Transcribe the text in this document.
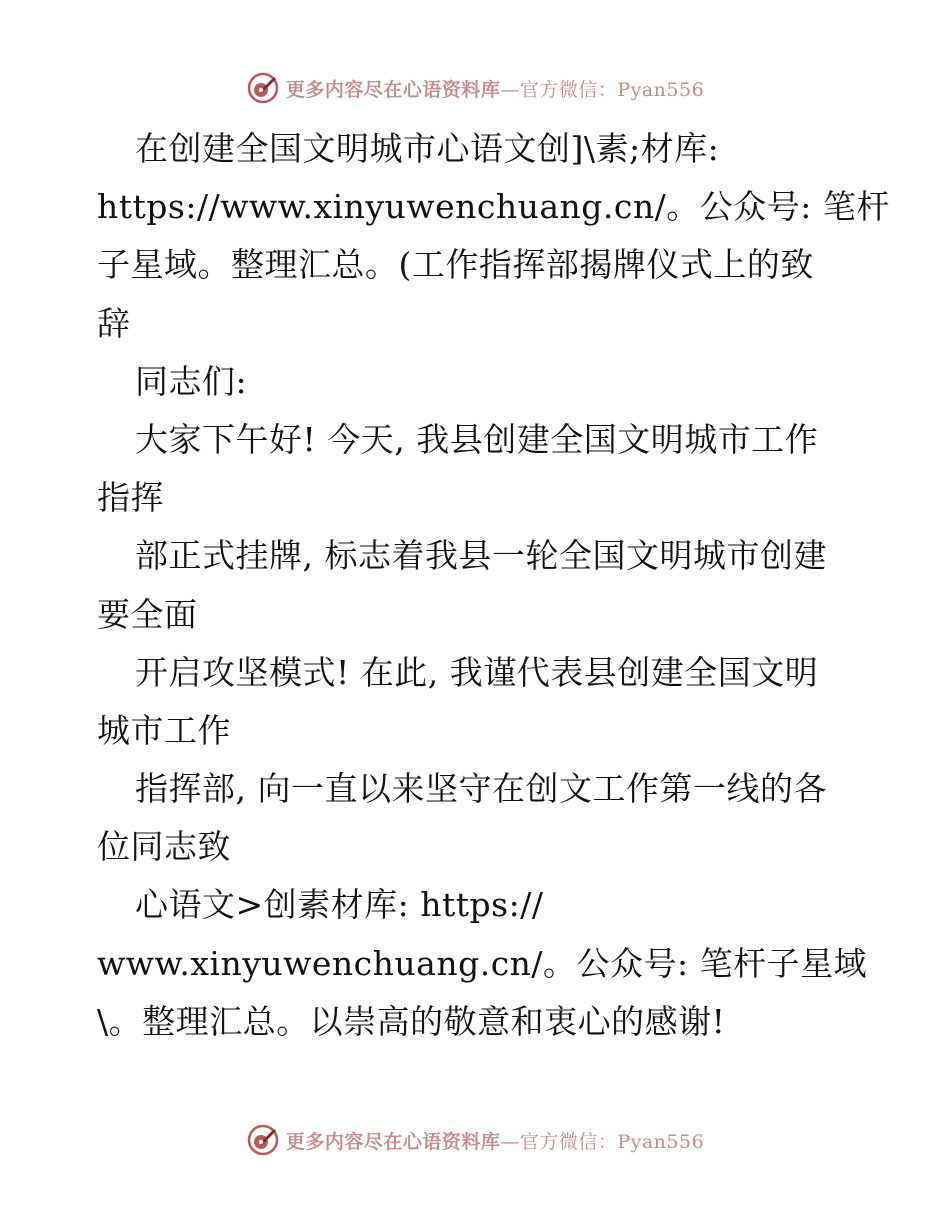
更多内容尽在心语资料库—官方微信：Pyan556
在创建全国文明城市心语文创]\素;材库:
https://www.xinyuwenchuang.cn/。公众号: 笔杆
子星域。整理汇总。(工作指挥部揭牌仪式上的致
辞
同志们:
大家下午好! 今天, 我县创建全国文明城市工作
指挥
部正式挂牌, 标志着我县一轮全国文明城市创建
要全面
开启攻坚模式! 在此, 我谨代表县创建全国文明
城市工作
指挥部, 向一直以来坚守在创文工作第一线的各
位同志致
心语文>创素材库: https://
www.xinyuwenchuang.cn/。公众号: 笔杆子星域
\。整理汇总。以崇高的敬意和衷心的感谢!
更多内容尽在心语资料库—官方微信：Pyan556
